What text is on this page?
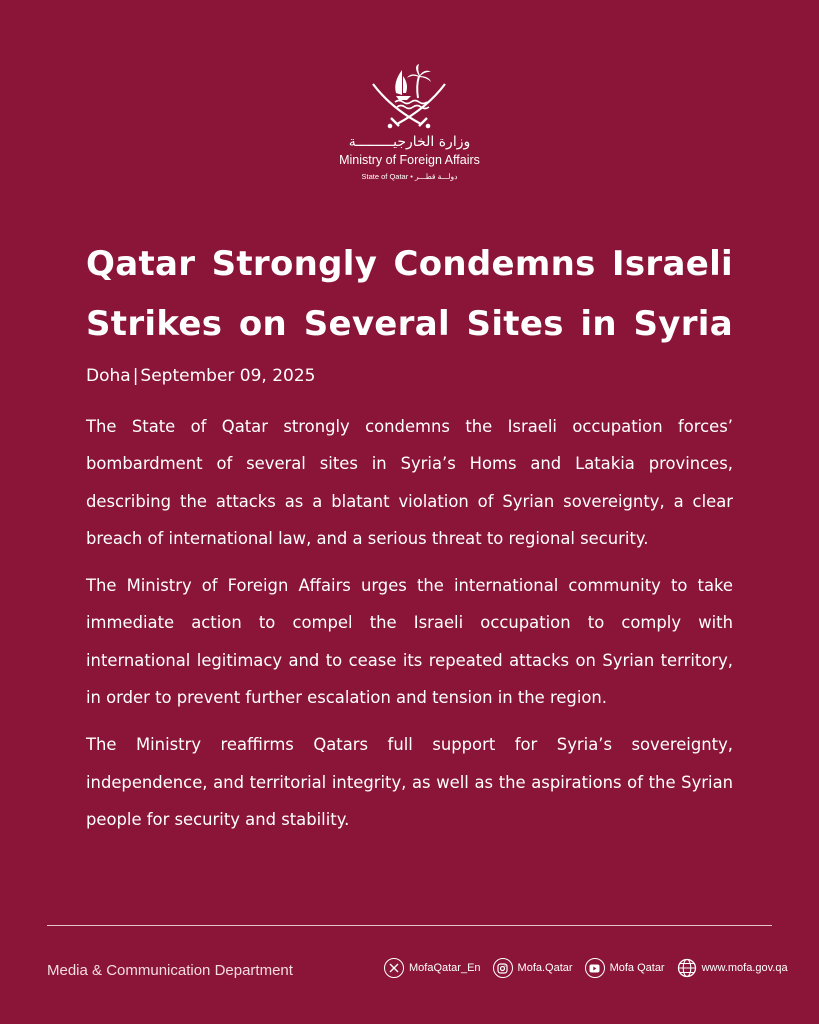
وزارة الخارجيـــــــــة
Ministry of Foreign Affairs
State of Qatar • دولـــة قطـــر
Qatar Strongly Condemns Israeli
Strikes on Several Sites in Syria
Doha | September 09, 2025

The State of Qatar strongly condemns the Israeli occupation forces’ bombardment of several sites in Syria’s Homs and Latakia provinces, describing the attacks as a blatant violation of Syrian sovereignty, a clear breach of international law, and a serious threat to regional security.

The Ministry of Foreign Affairs urges the international community to take immediate action to compel the Israeli occupation to comply with international legitimacy and to cease its repeated attacks on Syrian territory, in order to prevent further escalation and tension in the region.

The Ministry reaffirms Qatars full support for Syria’s sovereignty, independence, and territorial integrity, as well as the aspirations of the Syrian people for security and stability.

Media & Communication Department	MofaQatar_En	Mofa.Qatar	Mofa Qatar	www.mofa.gov.qa
